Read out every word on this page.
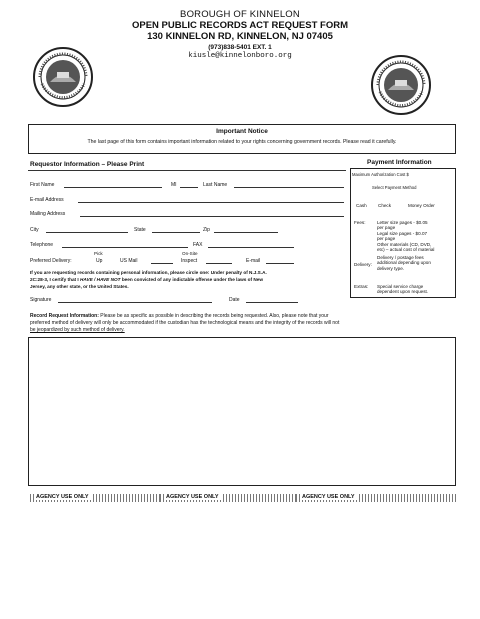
BOROUGH OF KINNELON
OPEN PUBLIC RECORDS ACT REQUEST FORM
130 KINNELON RD, KINNELON, NJ 07405
(973)838-5401 EXT. 1
kiusle@kinnelonboro.org
Important Notice
The last page of this form contains important information related to your rights concerning government records. Please read it carefully.
Requestor Information – Please Print
First Name	MI	Last Name
E-mail Address
Mailing Address
City	State	Zip
Telephone	FAX
Pick	On-Site
Preferred Delivery:	Up	US Mail	Inspect	E-mail
If you are requesting records containing personal information, please circle one: Under penalty of N.J.S.A.
2C:28-3, I certify that I HAVE / HAVE NOT been convicted of any indictable offense under the laws of New
Jersey, any other state, or the United States.
Signature	Date
Payment Information
Maximum Authorization Cost $
Select Payment Method
Cash Check	Money Order
Fees:	Letter size pages - $0.05
per page
Legal size pages - $0.07
per page
Other materials (CD, DVD,
etc) – actual cost of material
Delivery:
Delivery / postage fees
additional depending upon
delivery type.
Extras: Special service charge
dependent upon request.
Record Request Information: Please be as specific as possible in describing the records being requested. Also, please note that your
preferred method of delivery will only be accommodated if the custodian has the technological means and the integrity of the records will not
be jeopardized by such method of delivery.
AGENCY USE ONLY	AGENCY USE ONLY	AGENCY USE ONLY
